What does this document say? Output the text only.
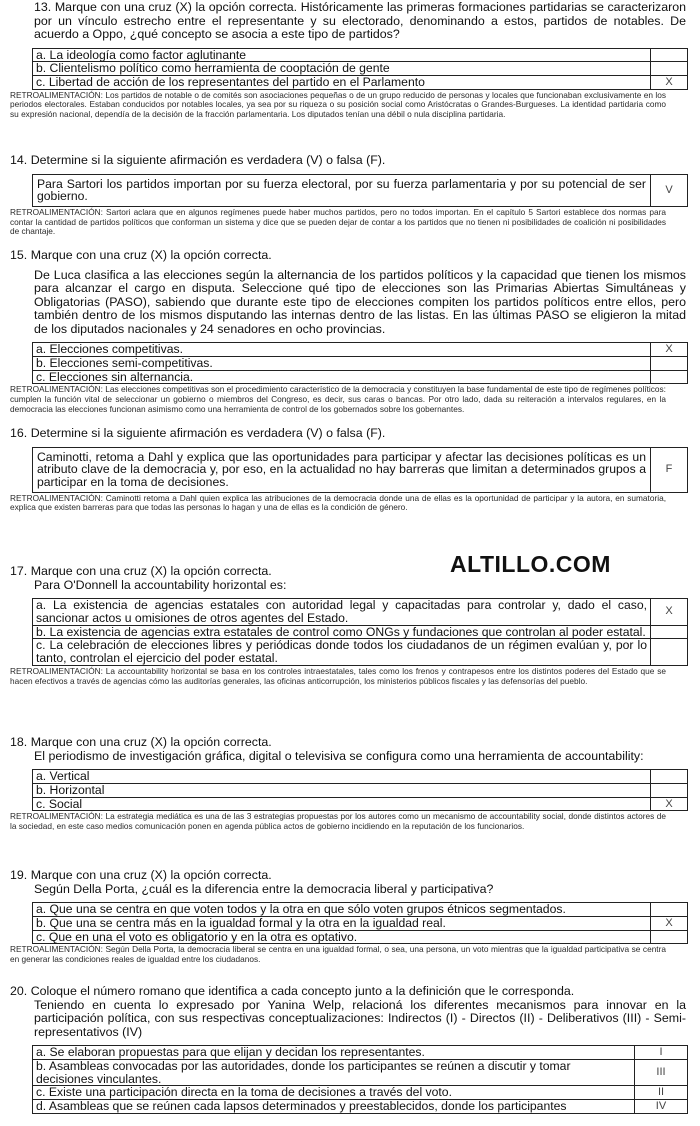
13. Marque con una cruz (X) la opción correcta. Históricamente las primeras formaciones partidarias se caracterizaron por un vínculo estrecho entre el representante y su electorado, denominando a estos, partidos de notables. De acuerdo a Oppo, ¿qué concepto se asocia a este tipo de partidos?

a. La ideología como factor aglutinante	
b. Clientelismo político como herramienta de cooptación de gente	
c. Libertad de acción de los representantes del partido en el Parlamento	X

RETROALIMENTACIÓN: Los partidos de notable o de comités son asociaciones pequeñas o de un grupo reducido de personas y locales que funcionaban exclusivamente en los periodos electorales. Estaban conducidos por notables locales, ya sea por su riqueza o su posición social como Aristócratas o Grandes-Burgueses. La identidad partidaria como su expresión nacional, dependía de la decisión de la fracción parlamentaria. Los diputados tenían una débil o nula disciplina partidaria.

14. Determine si la siguiente afirmación es verdadera (V) o falsa (F).

Para Sartori los partidos importan por su fuerza electoral, por su fuerza parlamentaria y por su potencial de ser gobierno.	V

RETROALIMENTACIÓN: Sartori aclara que en algunos regímenes puede haber muchos partidos, pero no todos importan. En el capítulo 5 Sartori establece dos normas para contar la cantidad de partidos políticos que conforman un sistema y dice que se pueden dejar de contar a los partidos que no tienen ni posibilidades de coalición ni posibilidades de chantaje.

15. Marque con una cruz (X) la opción correcta.

De Luca clasifica a las elecciones según la alternancia de los partidos políticos y la capacidad que tienen los mismos para alcanzar el cargo en disputa. Seleccione qué tipo de elecciones son las Primarias Abiertas Simultáneas y Obligatorias (PASO), sabiendo que durante este tipo de elecciones compiten los partidos políticos entre ellos, pero también dentro de los mismos disputando las internas dentro de las listas. En las últimas PASO se eligieron la mitad de los diputados nacionales y 24 senadores en ocho provincias.

a. Elecciones competitivas.	X
b. Elecciones semi-competitivas.	
c. Elecciones sin alternancia.	

RETROALIMENTACIÓN: Las elecciones competitivas son el procedimiento característico de la democracia y constituyen la base fundamental de este tipo de regímenes políticos: cumplen la función vital de seleccionar un gobierno o miembros del Congreso, es decir, sus caras o bancas. Por otro lado, dada su reiteración a intervalos regulares, en la democracia las elecciones funcionan asimismo como una herramienta de control de los gobernados sobre los gobernantes.

16. Determine si la siguiente afirmación es verdadera (V) o falsa (F).

Caminotti, retoma a Dahl y explica que las oportunidades para participar y afectar las decisiones políticas es un atributo clave de la democracia y, por eso, en la actualidad no hay barreras que limitan a determinados grupos a participar en la toma de decisiones.	F

RETROALIMENTACIÓN: Caminotti retoma a Dahl quien explica las atribuciones de la democracia donde una de ellas es la oportunidad de participar y la autora, en sumatoria, explica que existen barreras para que todas las personas lo hagan y una de ellas es la condición de género.

ALTILLO.COM

17. Marque con una cruz (X) la opción correcta.

Para O'Donnell la accountability horizontal es:

a. La existencia de agencias estatales con autoridad legal y capacitadas para controlar y, dado el caso, sancionar actos u omisiones de otros agentes del Estado.	X
b. La existencia de agencias extra estatales de control como ONGs y fundaciones que controlan al poder estatal.	
c. La celebración de elecciones libres y periódicas donde todos los ciudadanos de un régimen evalúan y, por lo tanto, controlan el ejercicio del poder estatal.	

RETROALIMENTACIÓN: La accountability horizontal se basa en los controles intraestatales, tales como los frenos y contrapesos entre los distintos poderes del Estado que se hacen efectivos a través de agencias cómo las auditorías generales, las oficinas anticorrupción, los ministerios públicos fiscales y las defensorías del pueblo.

18. Marque con una cruz (X) la opción correcta.

El periodismo de investigación gráfica, digital o televisiva se configura como una herramienta de accountability:

a. Vertical	
b. Horizontal	
c. Social	X

RETROALIMENTACIÓN: La estrategia mediática es una de las 3 estrategias propuestas por los autores como un mecanismo de accountability social, donde distintos actores de la sociedad, en este caso medios comunicación ponen en agenda pública actos de gobierno incidiendo en la reputación de los funcionarios.

19. Marque con una cruz (X) la opción correcta.

Según Della Porta, ¿cuál es la diferencia entre la democracia liberal y participativa?

a. Que una se centra en que voten todos y la otra en que sólo voten grupos étnicos segmentados.	
b. Que una se centra más en la igualdad formal y la otra en la igualdad real.	X
c. Que en una el voto es obligatorio y en la otra es optativo.	

RETROALIMENTACIÓN: Según Della Porta, la democracia liberal se centra en una igualdad formal, o sea, una persona, un voto mientras que la igualdad participativa se centra en generar las condiciones reales de igualdad entre los ciudadanos.

20. Coloque el número romano que identifica a cada concepto junto a la definición que le corresponda.

Teniendo en cuenta lo expresado por Yanina Welp, relacioná los diferentes mecanismos para innovar en la participación política, con sus respectivas conceptualizaciones: Indirectos (I) - Directos (II) - Deliberativos (III) - Semi-representativos (IV)

a. Se elaboran propuestas para que elijan y decidan los representantes.	I
b. Asambleas convocadas por las autoridades, donde los participantes se reúnen a discutir y tomar decisiones vinculantes.	III
c. Existe una participación directa en la toma de decisiones a través del voto.	II
d. Asambleas que se reúnen cada lapsos determinados y preestablecidos, donde los participantes	IV
